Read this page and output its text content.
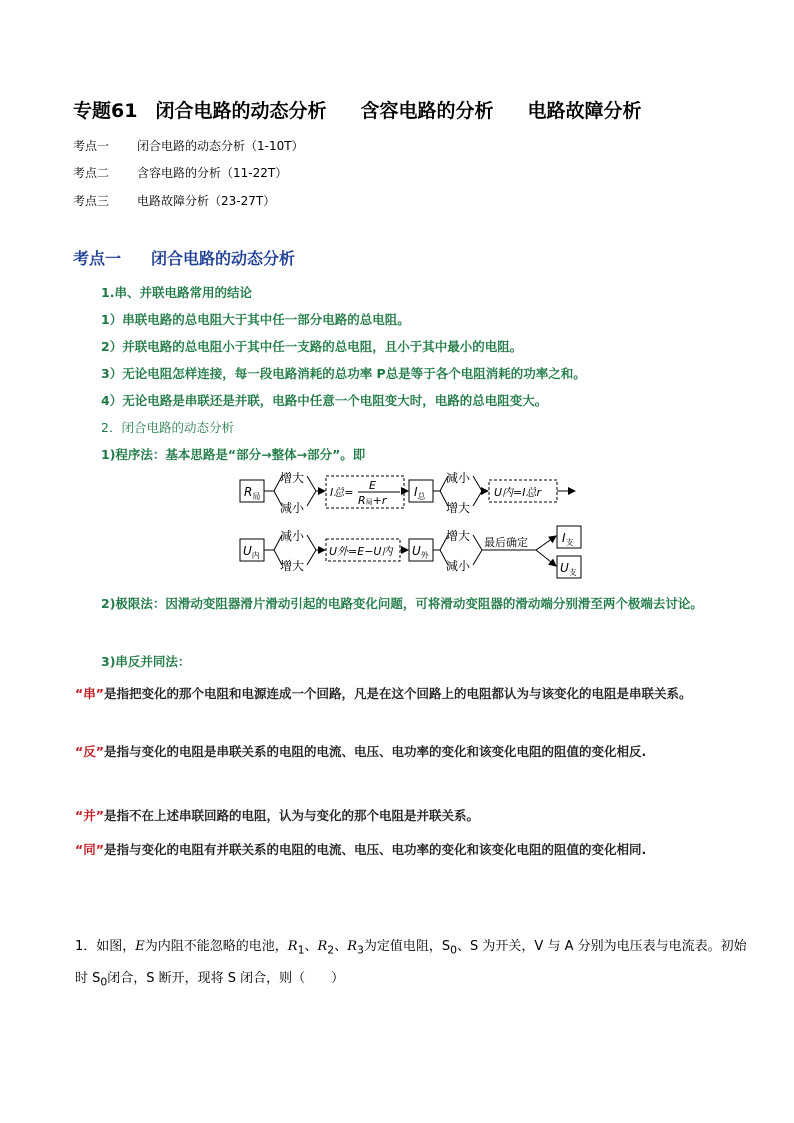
专题61 闭合电路的动态分析 含容电路的分析 电路故障分析
考点一 闭合电路的动态分析（1-10T）
考点二 含容电路的分析（11-22T）
考点三 电路故障分析（23-27T）
考点一 闭合电路的动态分析
1.串、并联电路常用的结论
1）串联电路的总电阻大于其中任一部分电路的总电阻。
2）并联电路的总电阻小于其中任一支路的总电阻，且小于其中最小的电阻。
3）无论电阻怎样连接，每一段电路消耗的总功率 P总是等于各个电阻消耗的功率之和。
4）无论电路是串联还是并联，电路中任意一个电阻变大时，电路的总电阻变大。
2．闭合电路的动态分析
1)程序法：基本思路是“部分→整体→部分”。即
$R_局$
增大
减小
I总=
E
R局+r
$I_总$
减小
增大
U内=I总r
$U_内$
减小
增大
U外=E−U内 $U_外$
增大
减小
最后确定	$I_支$
$U_支$
2)极限法：因滑动变阻器滑片滑动引起的电路变化问题，可将滑动变阻器的滑动端分别滑至两个极端去讨论。
3)串反并同法：
“串”是指把变化的那个电阻和电源连成一个回路，凡是在这个回路上的电阻都认为与该变化的电阻是串联关系。
“反”是指与变化的电阻是串联关系的电阻的电流、电压、电功率的变化和该变化电阻的阻值的变化相反.
“并”是指不在上述串联回路的电阻，认为与变化的那个电阻是并联关系。
“同”是指与变化的电阻有并联关系的电阻的电流、电压、电功率的变化和该变化电阻的阻值的变化相同.
1．如图，E为内阻不能忽略的电池，$R_1$、$R_2$、$R_3$为定值电阻，$S_0$、S 为开关，V 与 A 分别为电压表与电流表。初始时 $S_0$闭合，S 断开，现将 S 闭合，则（　　）
